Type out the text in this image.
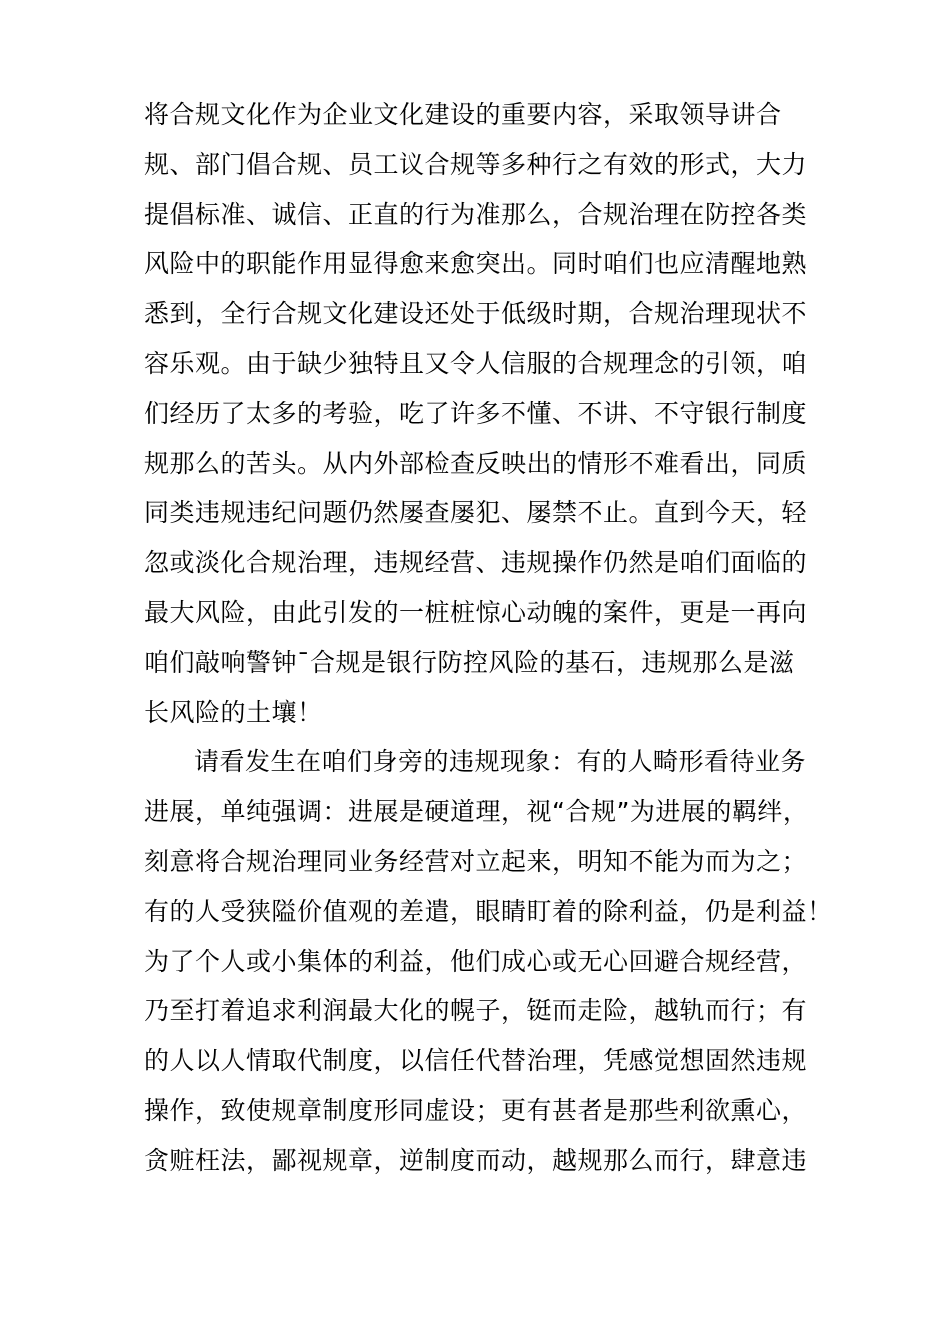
将合规文化作为企业文化建设的重要内容，采取领导讲合
规、部门倡合规、员工议合规等多种行之有效的形式，大力
提倡标准、诚信、正直的行为准那么，合规治理在防控各类
风险中的职能作用显得愈来愈突出。同时咱们也应清醒地熟
悉到，全行合规文化建设还处于低级时期，合规治理现状不
容乐观。由于缺少独特且又令人信服的合规理念的引领，咱
们经历了太多的考验，吃了许多不懂、不讲、不守银行制度
规那么的苦头。从内外部检查反映出的情形不难看出，同质
同类违规违纪问题仍然屡查屡犯、屡禁不止。直到今天，轻
忽或淡化合规治理，违规经营、违规操作仍然是咱们面临的
最大风险，由此引发的一桩桩惊心动魄的案件，更是一再向
咱们敲响警钟¯合规是银行防控风险的基石，违规那么是滋
长风险的土壤！
请看发生在咱们身旁的违规现象：有的人畸形看待业务
进展，单纯强调：进展是硬道理，视“合规”为进展的羁绊，
刻意将合规治理同业务经营对立起来，明知不能为而为之；
有的人受狭隘价值观的差遣，眼睛盯着的除利益，仍是利益！
为了个人或小集体的利益，他们成心或无心回避合规经营，
乃至打着追求利润最大化的幌子，铤而走险，越轨而行；有
的人以人情取代制度，以信任代替治理，凭感觉想固然违规
操作，致使规章制度形同虚设；更有甚者是那些利欲熏心，
贪赃枉法，鄙视规章，逆制度而动，越规那么而行，肆意违
